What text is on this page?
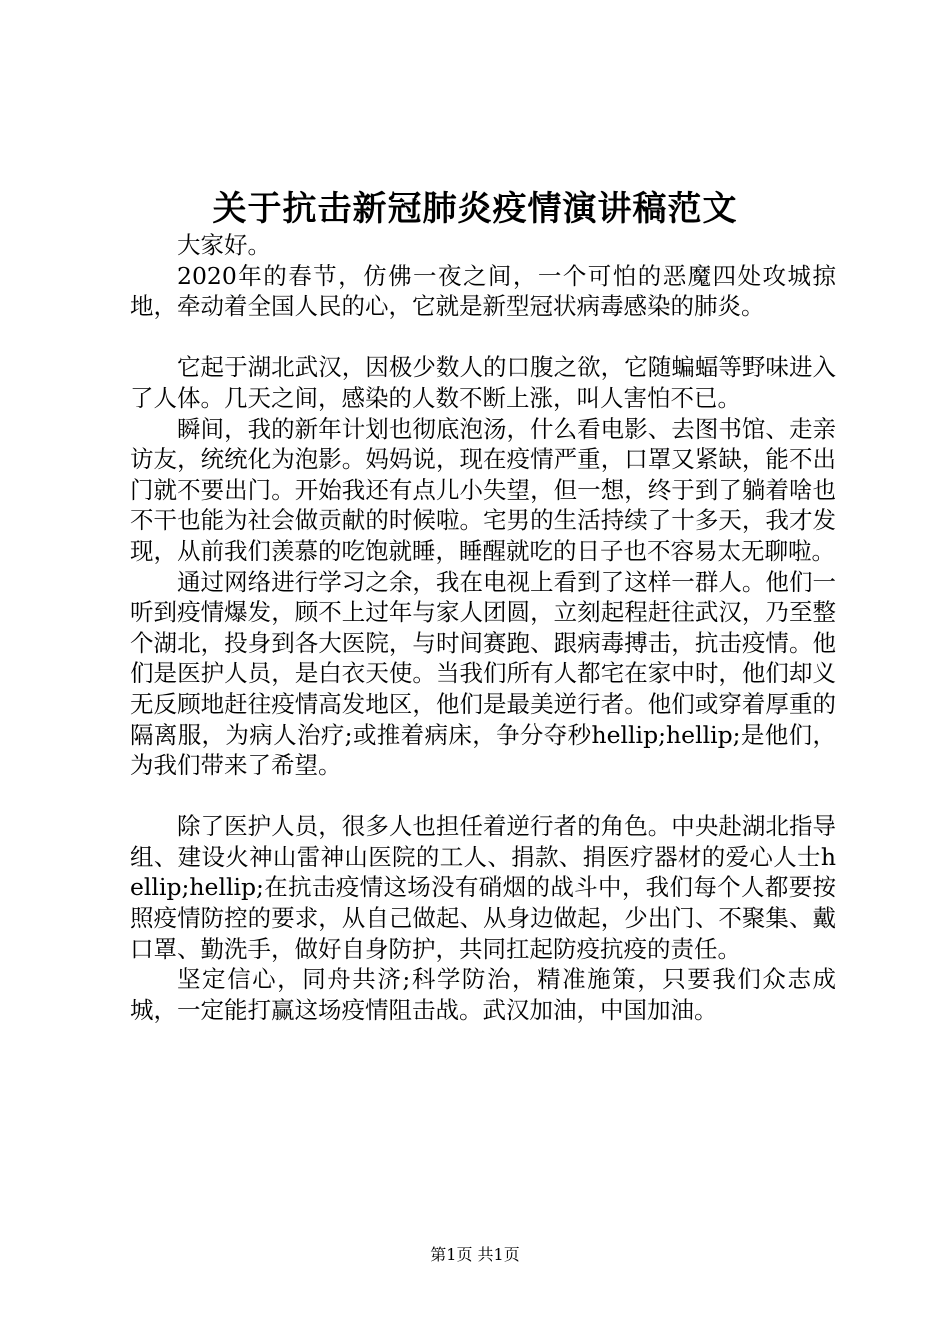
关于抗击新冠肺炎疫情演讲稿范文

大家好。

2020年的春节，仿佛一夜之间，一个可怕的恶魔四处攻城掠地，牵动着全国人民的心，它就是新型冠状病毒感染的肺炎。

它起于湖北武汉，因极少数人的口腹之欲，它随蝙蝠等野味进入了人体。几天之间，感染的人数不断上涨，叫人害怕不已。

瞬间，我的新年计划也彻底泡汤，什么看电影、去图书馆、走亲访友，统统化为泡影。妈妈说，现在疫情严重，口罩又紧缺，能不出门就不要出门。开始我还有点儿小失望，但一想，终于到了躺着啥也不干也能为社会做贡献的时候啦。宅男的生活持续了十多天，我才发现，从前我们羡慕的吃饱就睡，睡醒就吃的日子也不容易太无聊啦。

通过网络进行学习之余，我在电视上看到了这样一群人。他们一听到疫情爆发，顾不上过年与家人团圆，立刻起程赶往武汉，乃至整个湖北，投身到各大医院，与时间赛跑、跟病毒搏击，抗击疫情。他们是医护人员，是白衣天使。当我们所有人都宅在家中时，他们却义无反顾地赶往疫情高发地区，他们是最美逆行者。他们或穿着厚重的隔离服，为病人治疗;或推着病床，争分夺秒hellip;hellip;是他们，为我们带来了希望。

除了医护人员，很多人也担任着逆行者的角色。中央赴湖北指导组、建设火神山雷神山医院的工人、捐款、捐医疗器材的爱心人士hellip;hellip;在抗击疫情这场没有硝烟的战斗中，我们每个人都要按照疫情防控的要求，从自己做起、从身边做起，少出门、不聚集、戴口罩、勤洗手，做好自身防护，共同扛起防疫抗疫的责任。

坚定信心，同舟共济;科学防治，精准施策，只要我们众志成城，一定能打赢这场疫情阻击战。武汉加油，中国加油。

第1页 共1页
